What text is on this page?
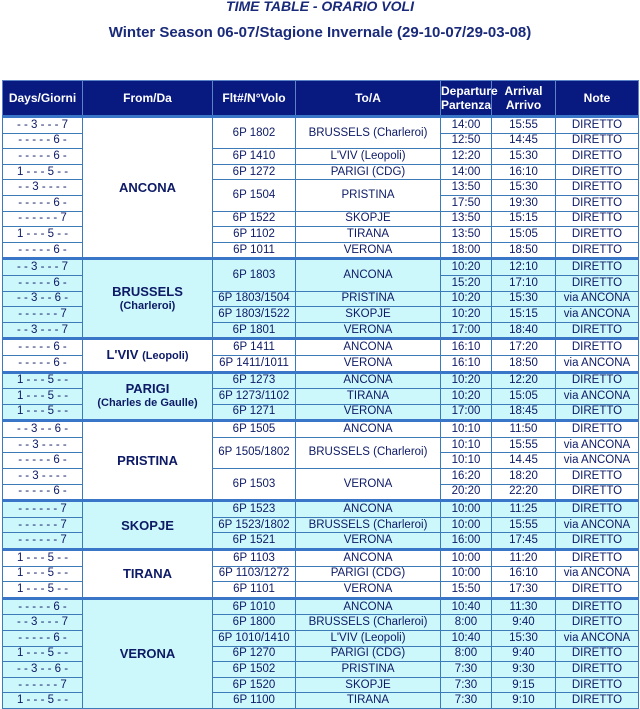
TIME TABLE - ORARIO VOLI
Winter Season 06-07/Stagione Invernale (29-10-07/29-03-08)
Days/Giorni	From/Da	Flt#/N°Volo	To/A	Departure
Partenza	Arrival
Arrivo	Note
- - 3 - - - 7	ANCONA	6P 1802	BRUSSELS (Charleroi)	14:00	15:55	DIRETTO
- - - - - 6 -				12:50	14:45	DIRETTO
- - - - - 6 -		6P 1410	L'VIV (Leopoli)	12:20	15:30	DIRETTO
1 - - - 5 - -		6P 1272	PARIGI (CDG)	14:00	16:10	DIRETTO
- - 3 - - - -		6P 1504	PRISTINA	13:50	15:30	DIRETTO
- - - - - 6 -				17:50	19:30	DIRETTO
- - - - - - 7		6P 1522	SKOPJE	13:50	15:15	DIRETTO
1 - - - 5 - -		6P 1102	TIRANA	13:50	15:05	DIRETTO
- - - - - 6 -		6P 1011	VERONA	18:00	18:50	DIRETTO
- - 3 - - - 7	BRUSSELS
(Charleroi)	6P 1803	ANCONA	10:20	12:10	DIRETTO
- - - - - 6 -				15:20	17:10	DIRETTO
- - 3 - - 6 -		6P 1803/1504	PRISTINA	10:20	15:30	via ANCONA
- - - - - - 7		6P 1803/1522	SKOPJE	10:20	15:15	via ANCONA
- - 3 - - - 7		6P 1801	VERONA	17:00	18:40	DIRETTO
- - - - - 6 -	L'VIV (Leopoli)	6P 1411	ANCONA	16:10	17:20	DIRETTO
- - - - - 6 -		6P 1411/1011	VERONA	16:10	18:50	via ANCONA
1 - - - 5 - -	PARIGI
(Charles de Gaulle)	6P 1273	ANCONA	10:20	12:20	DIRETTO
1 - - - 5 - -		6P 1273/1102	TIRANA	10:20	15:05	via ANCONA
1 - - - 5 - -		6P 1271	VERONA	17:00	18:45	DIRETTO
- - 3 - - 6 -	PRISTINA	6P 1505	ANCONA	10:10	11:50	DIRETTO
- - 3 - - - -		6P 1505/1802	BRUSSELS (Charleroi)	10:10	15:55	via ANCONA
- - - - - 6 -				10:10	14.45	via ANCONA
- - 3 - - - -		6P 1503	VERONA	16:20	18:20	DIRETTO
- - - - - 6 -				20:20	22:20	DIRETTO
- - - - - - 7	SKOPJE	6P 1523	ANCONA	10:00	11:25	DIRETTO
- - - - - - 7		6P 1523/1802	BRUSSELS (Charleroi)	10:00	15:55	via ANCONA
- - - - - - 7		6P 1521	VERONA	16:00	17:45	DIRETTO
1 - - - 5 - -	TIRANA	6P 1103	ANCONA	10:00	11:20	DIRETTO
1 - - - 5 - -		6P 1103/1272	PARIGI (CDG)	10:00	16:10	via ANCONA
1 - - - 5 - -		6P 1101	VERONA	15:50	17:30	DIRETTO
- - - - - 6 -	VERONA	6P 1010	ANCONA	10:40	11:30	DIRETTO
- - 3 - - - 7		6P 1800	BRUSSELS (Charleroi)	8:00	9:40	DIRETTO
- - - - - 6 -		6P 1010/1410	L'VIV (Leopoli)	10:40	15:30	via ANCONA
1 - - - 5 - -		6P 1270	PARIGI (CDG)	8:00	9:40	DIRETTO
- - 3 - - 6 -		6P 1502	PRISTINA	7:30	9:30	DIRETTO
- - - - - - 7		6P 1520	SKOPJE	7:30	9:15	DIRETTO
1 - - - 5 - -		6P 1100	TIRANA	7:30	9:10	DIRETTO
